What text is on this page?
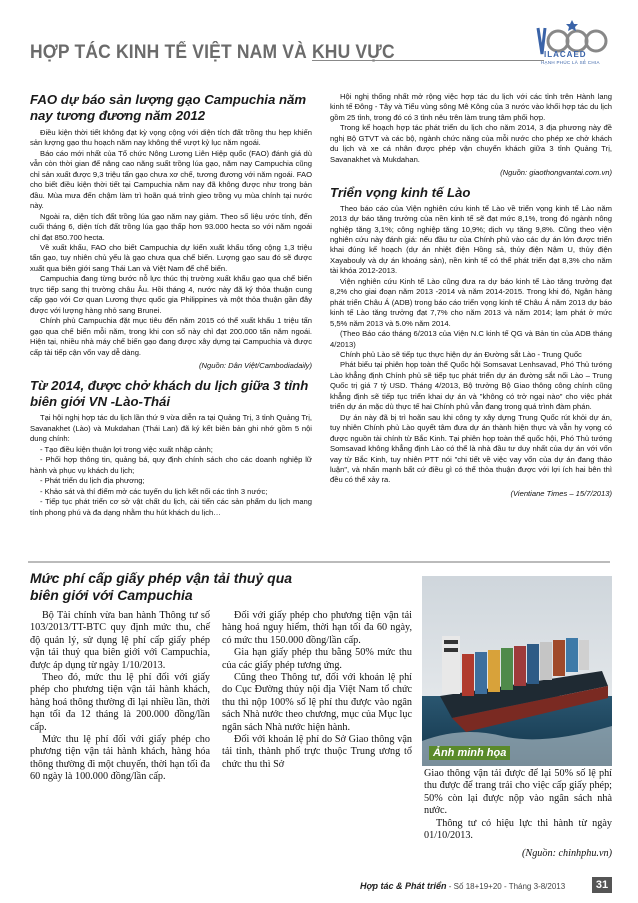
HỢP TÁC KINH TẾ VIỆT NAM VÀ KHU VỰC	ILACAED
HẠNH PHÚC LÀ SẺ CHIA
FAO dự báo sản lượng gạo Campuchia năm nay tương đương năm 2012

Điều kiện thời tiết không đạt kỳ vọng cộng với diện tích đất trồng thu hẹp khiến sản lượng gạo thu hoạch năm nay không thể vượt kỷ lục năm ngoái.

Báo cáo mới nhất của Tổ chức Nông Lương Liên Hiệp quốc (FAO) đánh giá dù vẫn còn thời gian để nâng cao năng suất trồng lúa gạo, năm nay Campuchia cũng chỉ sản xuất được 9,3 triệu tấn gạo chưa xơ chế, tương đương với năm ngoái. FAO cho biết điều kiện thời tiết tại Campuchia năm nay đã không được như trong bản đầu. Mùa mưa đến chậm làm trì hoãn quá trình gieo trồng vụ mùa chính tại nước này.

Ngoài ra, diện tích đất trồng lúa gạo năm nay giảm. Theo số liệu ước tính, đến cuối tháng 6, diện tích đất trồng lúa gạo thấp hơn 93.000 hecta so với năm ngoái chỉ đạt 850.700 hecta.

Về xuất khẩu, FAO cho biết Campuchia dự kiến xuất khẩu tổng cộng 1,3 triệu tấn gạo, tuy nhiên chủ yếu là gạo chưa qua chế biến. Lượng gạo sau đó sẽ được xuất qua biên giới sang Thái Lan và Việt Nam để chế biến.

Campuchia đang từng bước nỗ lực thúc thị trường xuất khẩu gạo qua chế biến trực tiếp sang thị trường châu Âu. Hồi tháng 4, nước này đã ký thỏa thuận cung cấp gạo với Cơ quan Lương thực quốc gia Philippines và một thỏa thuận gần đây được với lượng hàng nhỏ sang Brunei.

Chính phủ Campuchia đặt mục tiêu đến năm 2015 có thể xuất khẩu 1 triệu tấn gạo qua chế biến mỗi năm, trong khi con số này chỉ đạt 200.000 tấn năm ngoái. Hiện tại, nhiều nhà máy chế biến gạo đang được xây dựng tại Campuchia và được cấp tài tiếp cận vốn vay dễ dàng.

(Nguồn: Dân Việt/Cambodiadaily)

Từ 2014, được chở khách du lịch giữa 3 tỉnh biên giới VN -Lào-Thái

Tại hội nghị hợp tác du lịch lần thứ 9 vừa diễn ra tại Quảng Trị, 3 tỉnh Quảng Trị, Savanakhet (Lào) và Mukdahan (Thái Lan) đã ký kết biên bản ghi nhớ gồm 5 nội dung chính:

- Tạo điều kiện thuận lợi trong việc xuất nhập cảnh;

- Phối hợp thông tin, quảng bá, quy định chính sách cho các doanh nghiệp lữ hành và phục vụ khách du lịch;

- Phát triển du lịch địa phương;

- Khảo sát và thí điểm mở các tuyến du lịch kết nối các tỉnh 3 nước;

- Tiếp tục phát triển cơ sở vật chất du lịch, cải tiến các sản phẩm du lịch mang tính phong phú và đa dạng nhằm thu hút khách du lịch…

Hội nghị thống nhất mở rộng việc hợp tác du lịch với các tỉnh trên Hành lang kinh tế Đông - Tây và Tiểu vùng sông Mê Kông của 3 nước vào khối hợp tác du lịch gồm 25 tỉnh, trong đó có 3 tỉnh nêu trên làm trung tâm phối hợp.

Trong kế hoạch hợp tác phát triển du lịch cho năm 2014, 3 địa phương này đề nghị Bộ GTVT và các bộ, ngành chức năng của mỗi nước cho phép xe chở khách du lịch và xe cá nhân được phép vận chuyển khách giữa 3 tỉnh Quảng Trị, Savanakhet và Mukdahan.

(Nguồn: giaothongvantai.com.vn)

Triển vọng kinh tế Lào

Theo báo cáo của Viện nghiên cứu kinh tế Lào về triển vọng kinh tế Lào năm 2013 dự báo tăng trưởng của nền kinh tế sẽ đạt mức 8,1%, trong đó ngành nông nghiệp tăng 3,1%; công nghiệp tăng 10,9%; dịch vụ tăng 9,8%. Cũng theo viện nghiên cứu này đánh giá: nếu đầu tư của Chính phủ vào các dự án lớn được triển khai đúng kế hoạch (dự án nhiệt điện Hồng sả, thủy điện Nậm U, thủy điện Xayabouly và dự án khoáng sản), nền kinh tế có thể phát triển đạt 8,3% cho năm tài khóa 2012-2013.

Viện nghiên cứu Kinh tế Lào cũng đưa ra dự báo kinh tế Lào tăng trưởng đạt 8,2% cho giai đoạn năm 2013 -2014 và năm 2014-2015. Trong khi đó, Ngân hàng phát triển Châu Á (ADB) trong báo cáo triển vọng kinh tế Châu Á năm 2013 dự báo kinh tế Lào tăng trưởng đạt 7,7% cho năm 2013 và năm 2014; lạm phát ở mức 5,5% năm 2013 và 5.0% năm 2014.

(Theo Báo cáo tháng 6/2013 của Viện N.C kinh tế QG và Bản tin của ADB tháng 4/2013)

Chính phủ Lào sẽ tiếp tục thực hiện dự án Đường sắt Lào - Trung Quốc

Phát biểu tại phiên họp toàn thể Quốc hội Somsavat Lenhsavad, Phó Thủ tướng Lào khẳng định Chính phủ sẽ tiếp tục phát triển dự án đường sắt nối Lào – Trung Quốc trị giá 7 tỷ USD. Tháng 4/2013, Bộ trưởng Bộ Giao thông công chính cũng khẳng định sẽ tiếp tục triển khai dự án và "không có trở ngại nào" cho việc phát triển dự án mặc dù thực tế hai Chính phủ vẫn đang trong quá trình đàm phán.

Dự án này đã bị trì hoãn sau khi công ty xây dựng Trung Quốc rút khỏi dự án, tuy nhiên Chính phủ Lào quyết tâm đưa dự án thành hiện thực và vẫn hy vọng có được nguồn tài chính từ Bắc Kinh. Tại phiên họp toàn thể quốc hội, Phó Thủ tướng Somsavad không khẳng định Lào có thể là nhà đầu tư duy nhất của dự án với vốn vay từ Bắc Kinh, tuy nhiên PTT nói "chi tiết về việc vay vốn của dự án đang thảo luận", và nhấn mạnh bất cứ điều gì có thể thỏa thuận được với lợi ích hai bên thì đều có thể xảy ra.

(Vientiane Times – 15/7/2013)

Mức phí cấp giấy phép vận tải thuỷ qua biên giới với Campuchia

Bộ Tài chính vừa ban hành Thông tư số 103/2013/TT-BTC quy định mức thu, chế độ quản lý, sử dụng lệ phí cấp giấy phép vận tải thuỷ qua biên giới với Campuchia, được áp dụng từ ngày 1/10/2013.

Theo đó, mức thu lệ phí đối với giấy phép cho phương tiện vận tải hành khách, hàng hoá thông thường đi lại nhiều lần, thời hạn tối đa 12 tháng là 200.000 đồng/lần cấp.

Mức thu lệ phí đối với giấy phép cho phương tiện vận tải hành khách, hàng hóa thông thường đi một chuyến, thời hạn tối đa 60 ngày là 100.000 đồng/lần cấp.

Đối với giấy phép cho phương tiện vận tải hàng hoá nguy hiểm, thời hạn tối đa 60 ngày, có mức thu 150.000 đồng/lần cấp.

Gia hạn giấy phép thu bằng 50% mức thu của các giấy phép tương ứng.

Cũng theo Thông tư, đối với khoản lệ phí do Cục Đường thủy nội địa Việt Nam tổ chức thu thì nộp 100% số lệ phí thu được vào ngân sách Nhà nước theo chương, mục của Mục lục ngân sách Nhà nước hiện hành.

Đối với khoản lệ phí do Sở Giao thông vận tải tỉnh, thành phố trực thuộc Trung ương tổ chức thu thì Sở

Ảnh minh họa

Giao thông vận tải được để lại 50% số lệ phí thu được để trang trải cho việc cấp giấy phép; 50% còn lại được nộp vào ngân sách nhà nước.

Thông tư có hiệu lực thi hành từ ngày 01/10/2013.

(Nguồn: chinhphu.vn)

Hợp tác & Phát triển - Số 18+19+20 - Tháng 3-8/2013	31
